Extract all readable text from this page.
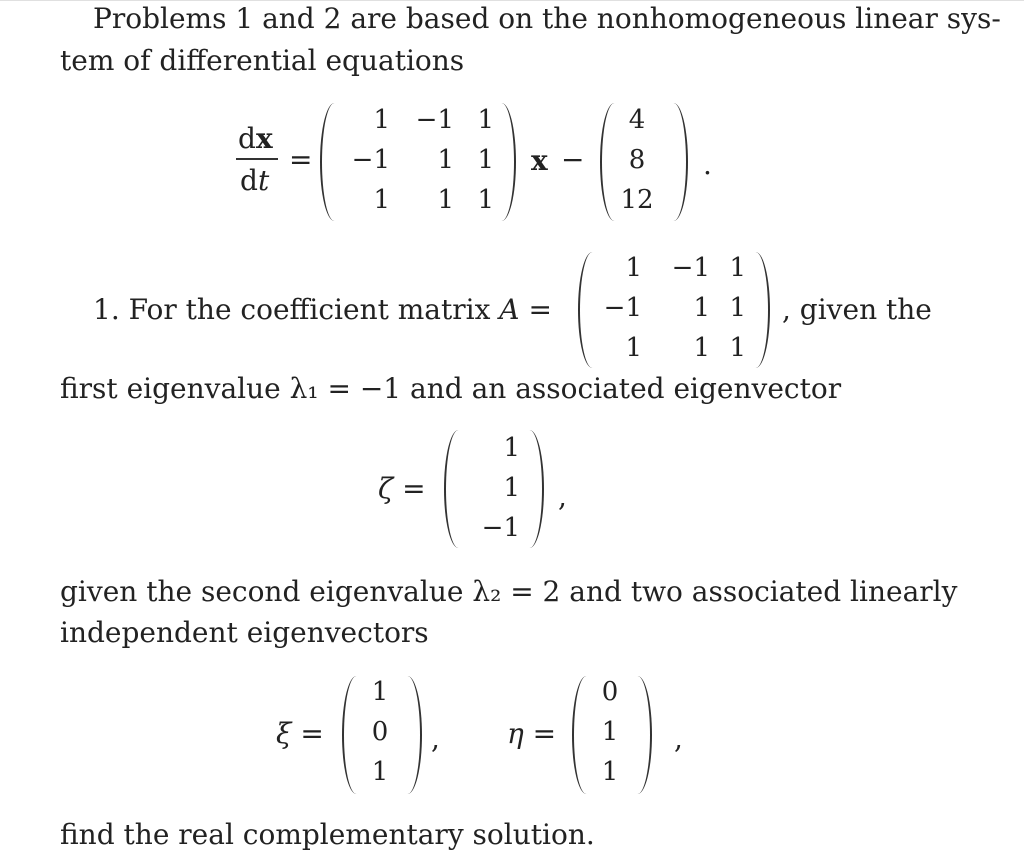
Problems 1 and 2 are based on the nonhomogeneous linear sys-
tem of differential equations
dx
dt
=
1 −1 1
−1 1 1
1 1 1
x −
4
8
12
.
1. For the coefficient matrix A =
1 −1 1
−1 1 1
1 1 1
, given the
first eigenvalue λ₁ = −1 and an associated eigenvector
ζ =
1
1
−1
,
given the second eigenvalue λ₂ = 2 and two associated linearly
independent eigenvectors
ξ =
1
0
1
, η =
0
1
1
,
find the real complementary solution.
